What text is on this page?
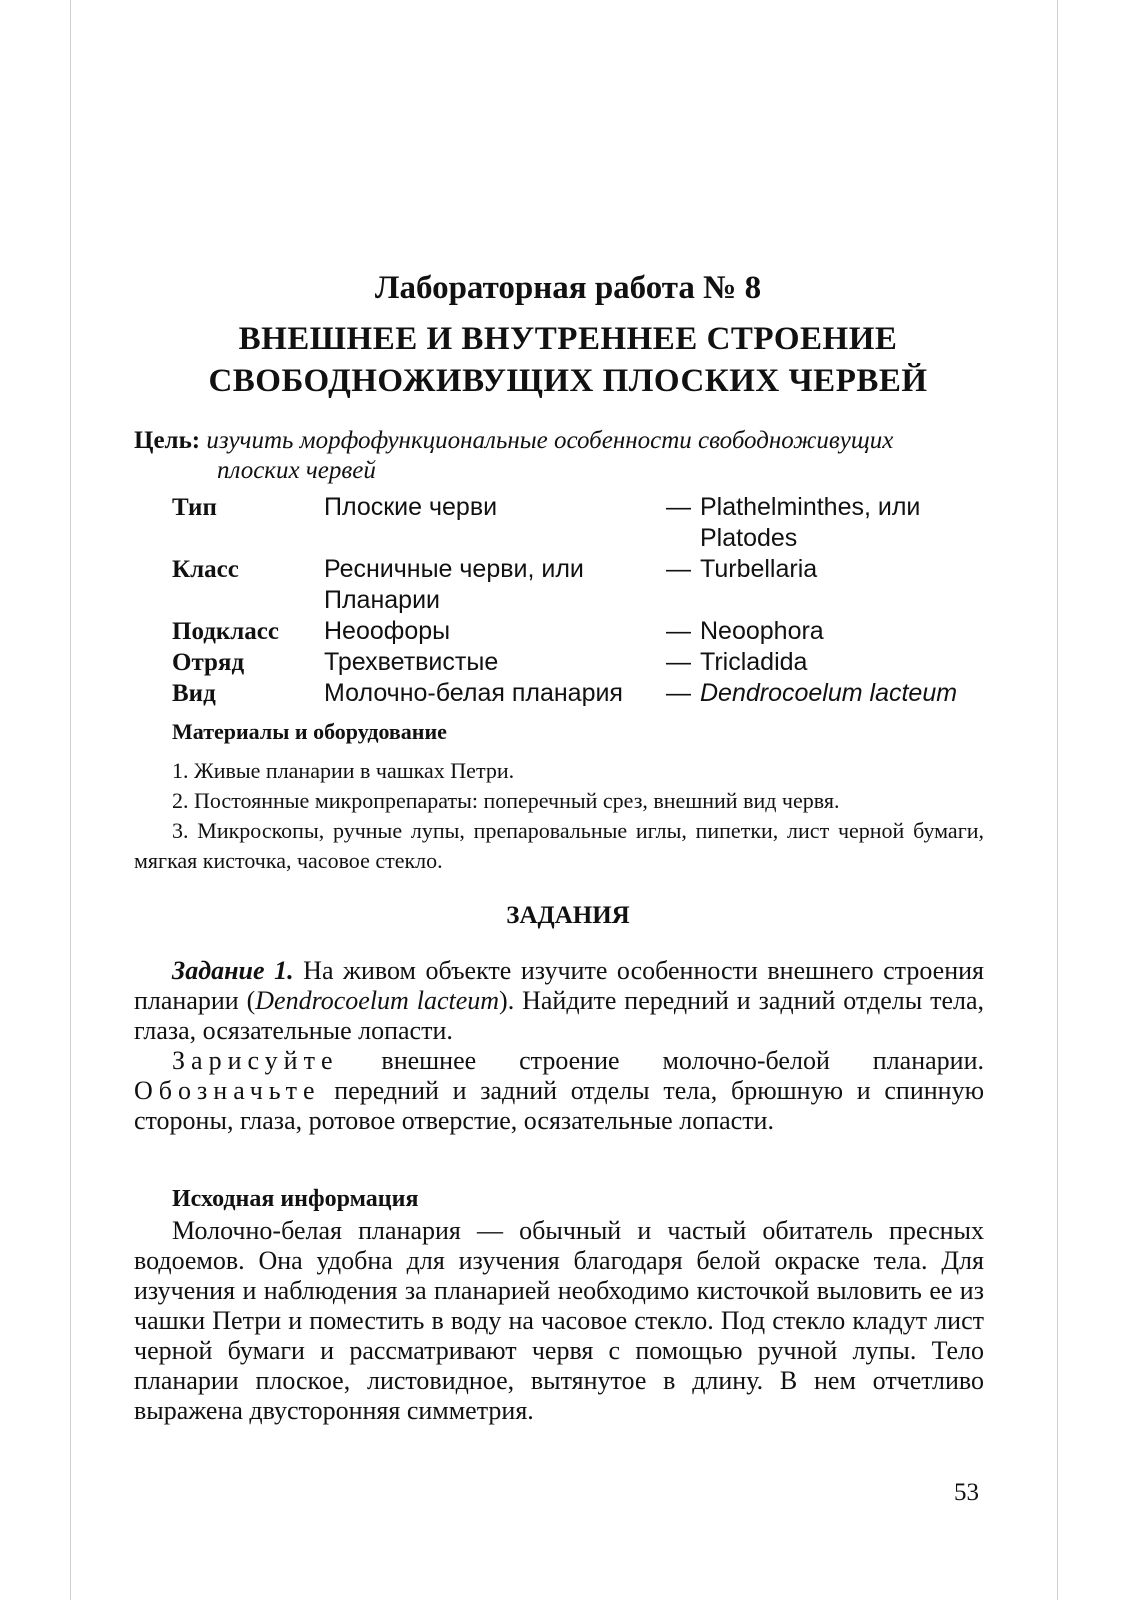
Лабораторная работа № 8
ВНЕШНЕЕ И ВНУТРЕННЕЕ СТРОЕНИЕ
СВОБОДНОЖИВУЩИХ ПЛОСКИХ ЧЕРВЕЙ
Цель: изучить морфофункциональные особенности свободноживущих
плоских червей
Тип	Плоские черви	— Plathelminthes, или Platodes
Класс	Ресничные черви, или Планарии	— Turbellaria
Подкласс	Неоофоры	— Neoophora
Отряд	Трехветвистые	— Tricladida
Вид	Молочно-белая планария	— Dendrocoelum lacteum
Материалы и оборудование

1. Живые планарии в чашках Петри.

2. Постоянные микропрепараты: поперечный срез, внешний вид червя.

3. Микроскопы, ручные лупы, препаровальные иглы, пипетки, лист черной бумаги, мягкая кисточка, часовое стекло.

ЗАДАНИЯ

Задание 1. На живом объекте изучите особенности внешнего строения планарии (Dendrocoelum lacteum). Найдите передний и задний отделы тела, глаза, осязательные лопасти.

Зарисуйте внешнее строение молочно-белой планарии. Обозначьте передний и задний отделы тела, брюшную и спинную стороны, глаза, ротовое отверстие, осязательные лопасти.

Исходная информация

Молочно-белая планария — обычный и частый обитатель пресных водоемов. Она удобна для изучения благодаря белой окраске тела. Для изучения и наблюдения за планарией необходимо кисточкой выловить ее из чашки Петри и поместить в воду на часовое стекло. Под стекло кладут лист черной бумаги и рассматривают червя с помощью ручной лупы. Тело планарии плоское, листовидное, вытянутое в длину. В нем отчетливо выражена двусторонняя симметрия.

53
